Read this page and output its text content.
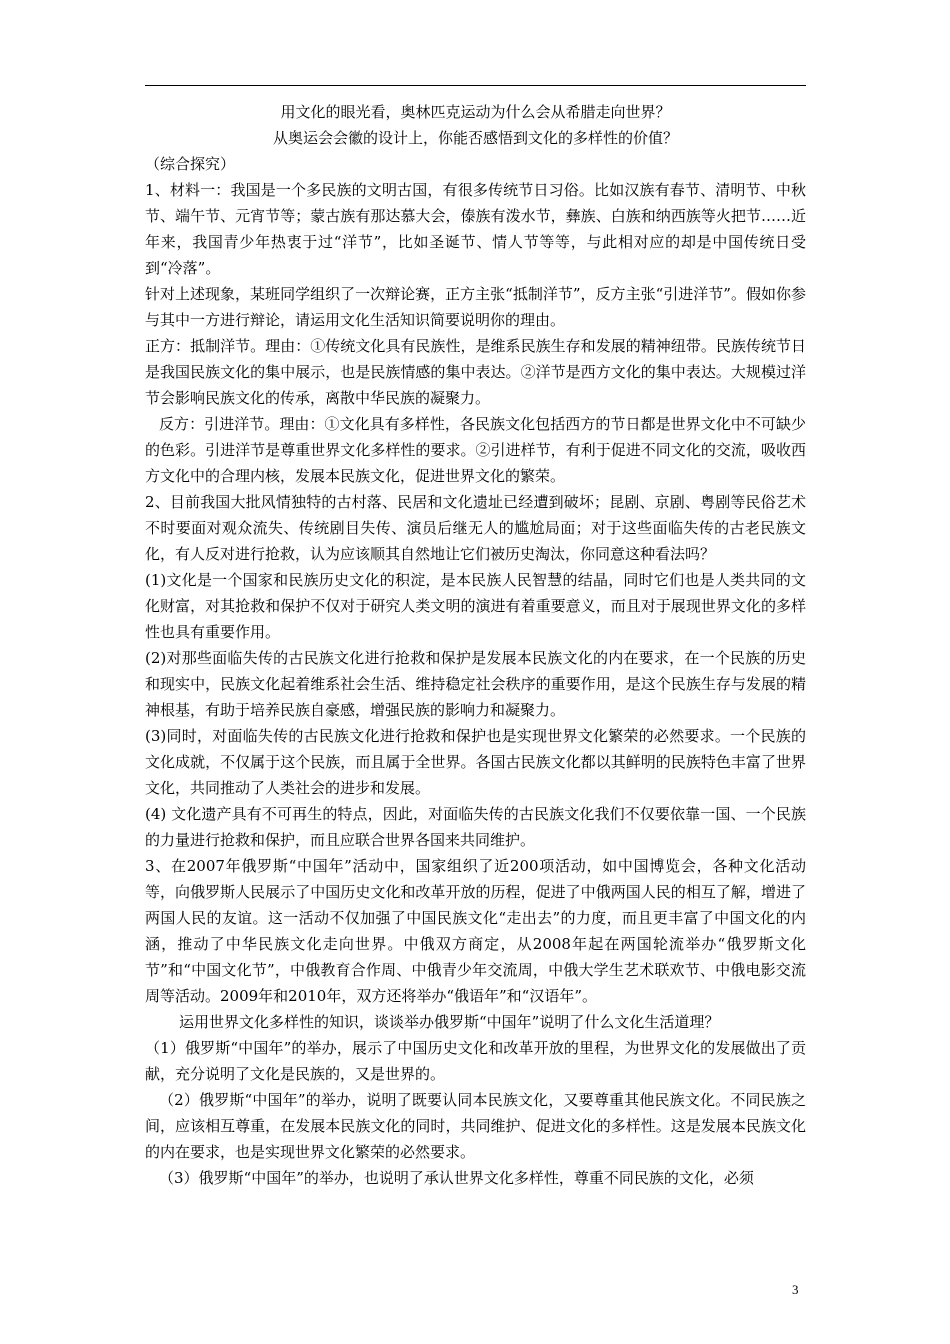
用文化的眼光看，奥林匹克运动为什么会从希腊走向世界？

从奥运会会徽的设计上，你能否感悟到文化的多样性的价值？

（综合探究）

1、材料一：我国是一个多民族的文明古国，有很多传统节日习俗。比如汉族有春节、清明节、中秋节、端午节、元宵节等；蒙古族有那达慕大会，傣族有泼水节，彝族、白族和纳西族等火把节……近年来，我国青少年热衷于过“洋节”，比如圣诞节、情人节等等，与此相对应的却是中国传统日受到“冷落”。

针对上述现象，某班同学组织了一次辩论赛，正方主张“抵制洋节”，反方主张“引进洋节”。假如你参与其中一方进行辩论，请运用文化生活知识简要说明你的理由。

正方：抵制洋节。理由：①传统文化具有民族性，是维系民族生存和发展的精神纽带。民族传统节日是我国民族文化的集中展示，也是民族情感的集中表达。②洋节是西方文化的集中表达。大规模过洋节会影响民族文化的传承，离散中华民族的凝聚力。

反方：引进洋节。理由：①文化具有多样性，各民族文化包括西方的节日都是世界文化中不可缺少的色彩。引进洋节是尊重世界文化多样性的要求。②引进样节，有利于促进不同文化的交流，吸收西方文化中的合理内核，发展本民族文化，促进世界文化的繁荣。

2、目前我国大批风情独特的古村落、民居和文化遗址已经遭到破坏；昆剧、京剧、粤剧等民俗艺术不时要面对观众流失、传统剧目失传、演员后继无人的尴尬局面；对于这些面临失传的古老民族文化，有人反对进行抢救，认为应该顺其自然地让它们被历史淘汰，你同意这种看法吗？

(1)文化是一个国家和民族历史文化的积淀，是本民族人民智慧的结晶，同时它们也是人类共同的文化财富，对其抢救和保护不仅对于研究人类文明的演进有着重要意义，而且对于展现世界文化的多样性也具有重要作用。

(2)对那些面临失传的古民族文化进行抢救和保护是发展本民族文化的内在要求，在一个民族的历史和现实中，民族文化起着维系社会生活、维持稳定社会秩序的重要作用，是这个民族生存与发展的精神根基，有助于培养民族自豪感，增强民族的影响力和凝聚力。

(3)同时，对面临失传的古民族文化进行抢救和保护也是实现世界文化繁荣的必然要求。一个民族的文化成就，不仅属于这个民族，而且属于全世界。各国古民族文化都以其鲜明的民族特色丰富了世界文化，共同推动了人类社会的进步和发展。

(4) 文化遗产具有不可再生的特点，因此，对面临失传的古民族文化我们不仅要依靠一国、一个民族的力量进行抢救和保护，而且应联合世界各国来共同维护。

3、在2007年俄罗斯“中国年”活动中，国家组织了近200项活动，如中国博览会，各种文化活动等，向俄罗斯人民展示了中国历史文化和改革开放的历程，促进了中俄两国人民的相互了解，增进了两国人民的友谊。这一活动不仅加强了中国民族文化“走出去”的力度，而且更丰富了中国文化的内涵，推动了中华民族文化走向世界。中俄双方商定，从2008年起在两国轮流举办“俄罗斯文化节”和“中国文化节”，中俄教育合作周、中俄青少年交流周，中俄大学生艺术联欢节、中俄电影交流周等活动。2009年和2010年，双方还将举办“俄语年”和“汉语年”。

运用世界文化多样性的知识，谈谈举办俄罗斯“中国年”说明了什么文化生活道理？

（1）俄罗斯“中国年”的举办，展示了中国历史文化和改革开放的里程，为世界文化的发展做出了贡献，充分说明了文化是民族的，又是世界的。

（2）俄罗斯“中国年”的举办，说明了既要认同本民族文化，又要尊重其他民族文化。不同民族之间，应该相互尊重，在发展本民族文化的同时，共同维护、促进文化的多样性。这是发展本民族文化的内在要求，也是实现世界文化繁荣的必然要求。

（3）俄罗斯“中国年”的举办，也说明了承认世界文化多样性，尊重不同民族的文化，必须

3
